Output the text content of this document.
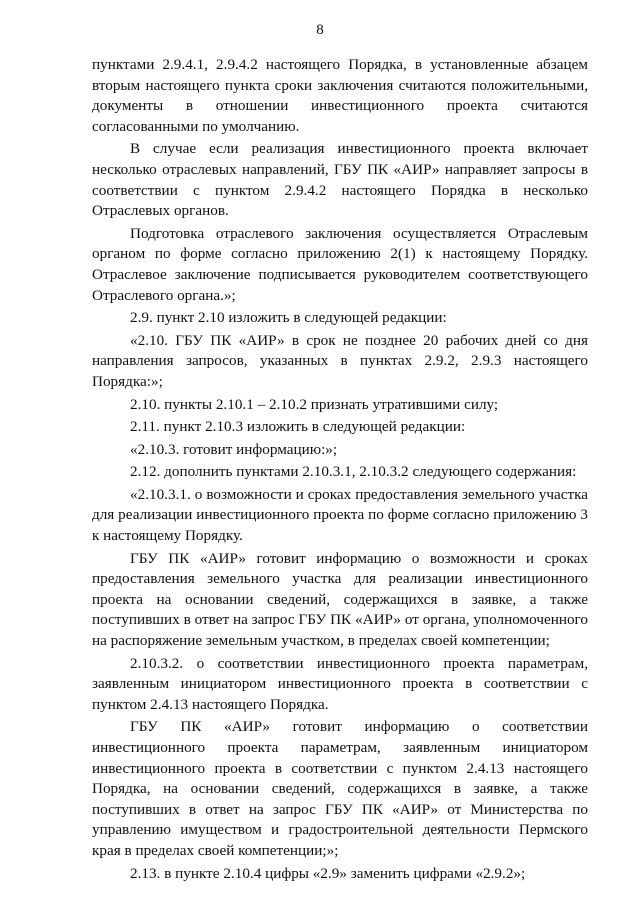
8

пунктами 2.9.4.1, 2.9.4.2 настоящего Порядка, в установленные абзацем вторым настоящего пункта сроки заключения считаются положительными, документы в отношении инвестиционного проекта считаются согласованными по умолчанию.

В случае если реализация инвестиционного проекта включает несколько отраслевых направлений, ГБУ ПК «АИР» направляет запросы в соответствии с пунктом 2.9.4.2 настоящего Порядка в несколько Отраслевых органов.

Подготовка отраслевого заключения осуществляется Отраслевым органом по форме согласно приложению 2(1) к настоящему Порядку. Отраслевое заключение подписывается руководителем соответствующего Отраслевого органа.»;

2.9. пункт 2.10 изложить в следующей редакции:

«2.10. ГБУ ПК «АИР» в срок не позднее 20 рабочих дней со дня направления запросов, указанных в пунктах 2.9.2, 2.9.3 настоящего Порядка:»;

2.10. пункты 2.10.1 – 2.10.2 признать утратившими силу;

2.11. пункт 2.10.3 изложить в следующей редакции:

«2.10.3. готовит информацию:»;

2.12. дополнить пунктами 2.10.3.1, 2.10.3.2 следующего содержания:

«2.10.3.1. о возможности и сроках предоставления земельного участка для реализации инвестиционного проекта по форме согласно приложению 3 к настоящему Порядку.

ГБУ ПК «АИР» готовит информацию о возможности и сроках предоставления земельного участка для реализации инвестиционного проекта на основании сведений, содержащихся в заявке, а также поступивших в ответ на запрос ГБУ ПК «АИР» от органа, уполномоченного на распоряжение земельным участком, в пределах своей компетенции;

2.10.3.2. о соответствии инвестиционного проекта параметрам, заявленным инициатором инвестиционного проекта в соответствии с пунктом 2.4.13 настоящего Порядка.

ГБУ ПК «АИР» готовит информацию о соответствии инвестиционного проекта параметрам, заявленным инициатором инвестиционного проекта в соответствии с пунктом 2.4.13 настоящего Порядка, на основании сведений, содержащихся в заявке, а также поступивших в ответ на запрос ГБУ ПК «АИР» от Министерства по управлению имуществом и градостроительной деятельности Пермского края в пределах своей компетенции;»;

2.13. в пункте 2.10.4 цифры «2.9» заменить цифрами «2.9.2»;
